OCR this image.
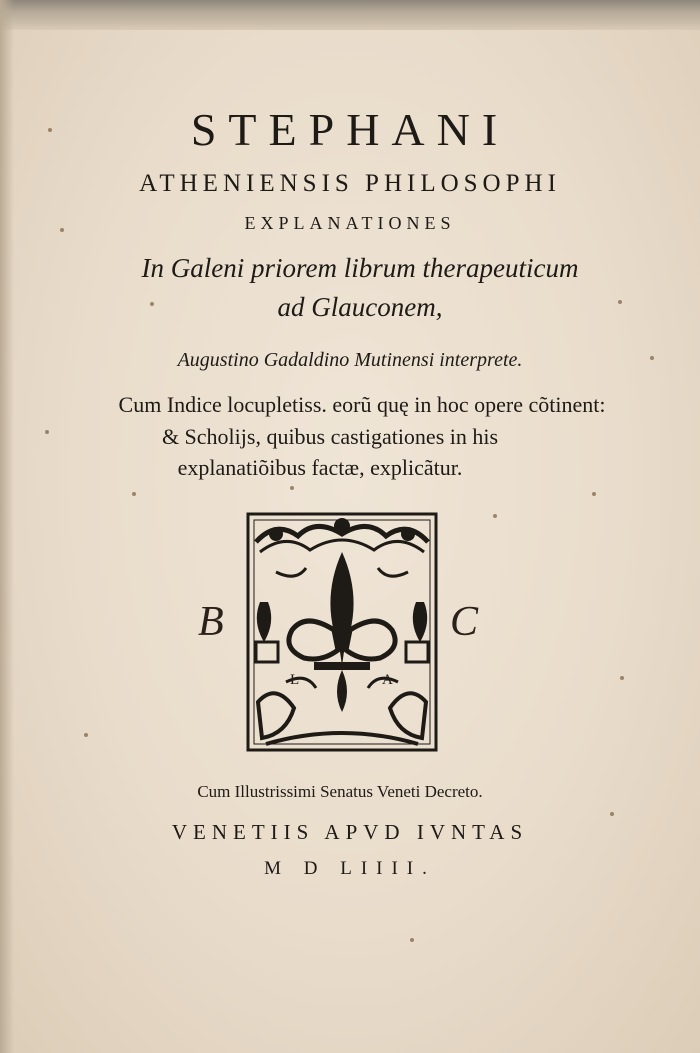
STEPHANI
ATHENIENSIS PHILOSOPHI
EXPLANATIONES
In Galeni priorem librum therapeuticum
ad Glauconem,
Augustino Gadaldino Mutinensi interprete.
Cum Indice locupletiss. eorũ quę in hoc opere cõtinent:
& Scholijs, quibus castigationes in his
explanatiõibus factæ, explicãtur.
B	C
L	A
Cum Illustrissimi Senatus Veneti Decreto.
VENETIIS APVD IVNTAS
M D LIIII.
